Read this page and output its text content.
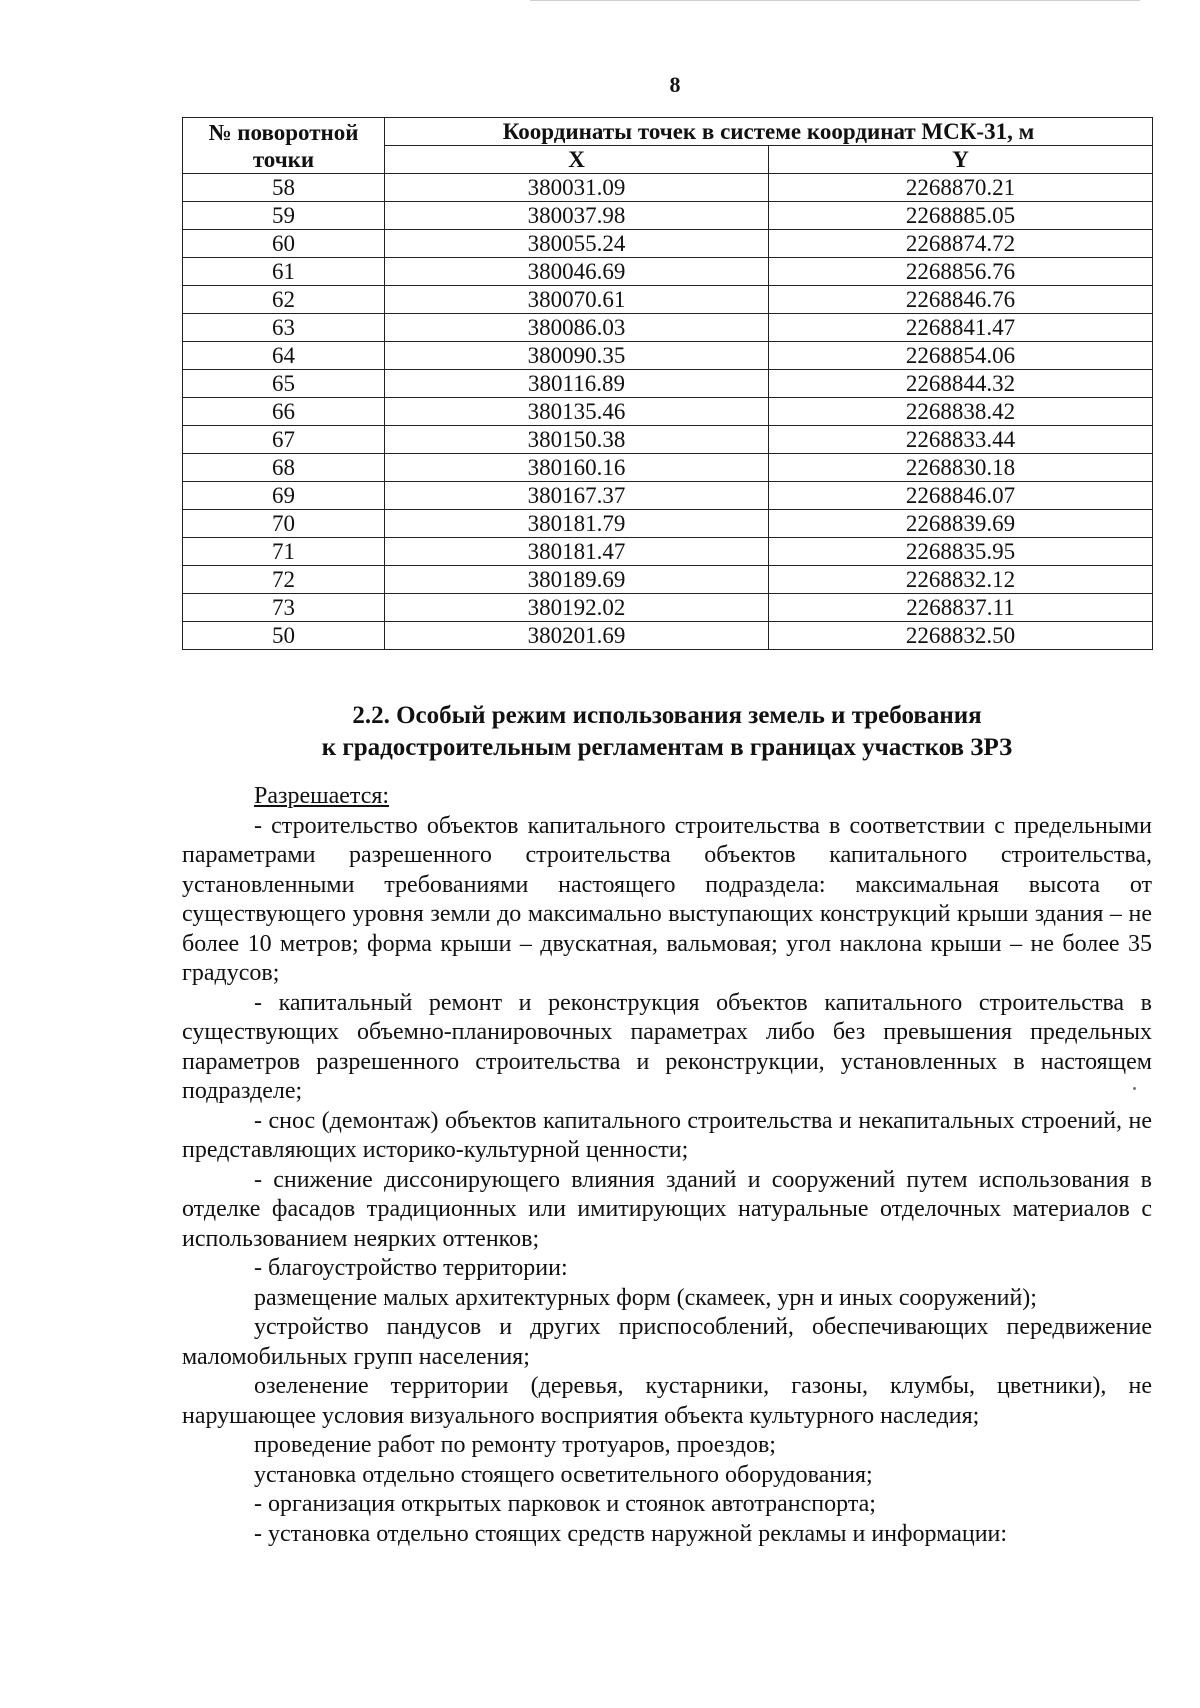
8
№ поворотной точки	Координаты точек в системе координат МСК-31, м	
	X	Y
58	380031.09	2268870.21
59	380037.98	2268885.05
60	380055.24	2268874.72
61	380046.69	2268856.76
62	380070.61	2268846.76
63	380086.03	2268841.47
64	380090.35	2268854.06
65	380116.89	2268844.32
66	380135.46	2268838.42
67	380150.38	2268833.44
68	380160.16	2268830.18
69	380167.37	2268846.07
70	380181.79	2268839.69
71	380181.47	2268835.95
72	380189.69	2268832.12
73	380192.02	2268837.11
50	380201.69	2268832.50
2.2. Особый режим использования земель и требования
к градостроительным регламентам в границах участков ЗРЗ

Разрешается:

- строительство объектов капитального строительства в соответствии с предельными параметрами разрешенного строительства объектов капитального строительства, установленными требованиями настоящего подраздела: максимальная высота от существующего уровня земли до максимально выступающих конструкций крыши здания – не более 10 метров; форма крыши – двускатная, вальмовая; угол наклона крыши – не более 35 градусов;

- капитальный ремонт и реконструкция объектов капитального строительства в существующих объемно-планировочных параметрах либо без превышения предельных параметров разрешенного строительства и реконструкции, установленных в настоящем подразделе;

- снос (демонтаж) объектов капитального строительства и некапитальных строений, не представляющих историко-культурной ценности;

- снижение диссонирующего влияния зданий и сооружений путем использования в отделке фасадов традиционных или имитирующих натуральные отделочных материалов с использованием неярких оттенков;

- благоустройство территории:

размещение малых архитектурных форм (скамеек, урн и иных сооружений);

устройство пандусов и других приспособлений, обеспечивающих передвижение маломобильных групп населения;

озеленение территории (деревья, кустарники, газоны, клумбы, цветники), не нарушающее условия визуального восприятия объекта культурного наследия;

проведение работ по ремонту тротуаров, проездов;

установка отдельно стоящего осветительного оборудования;

- организация открытых парковок и стоянок автотранспорта;

- установка отдельно стоящих средств наружной рекламы и информации:
